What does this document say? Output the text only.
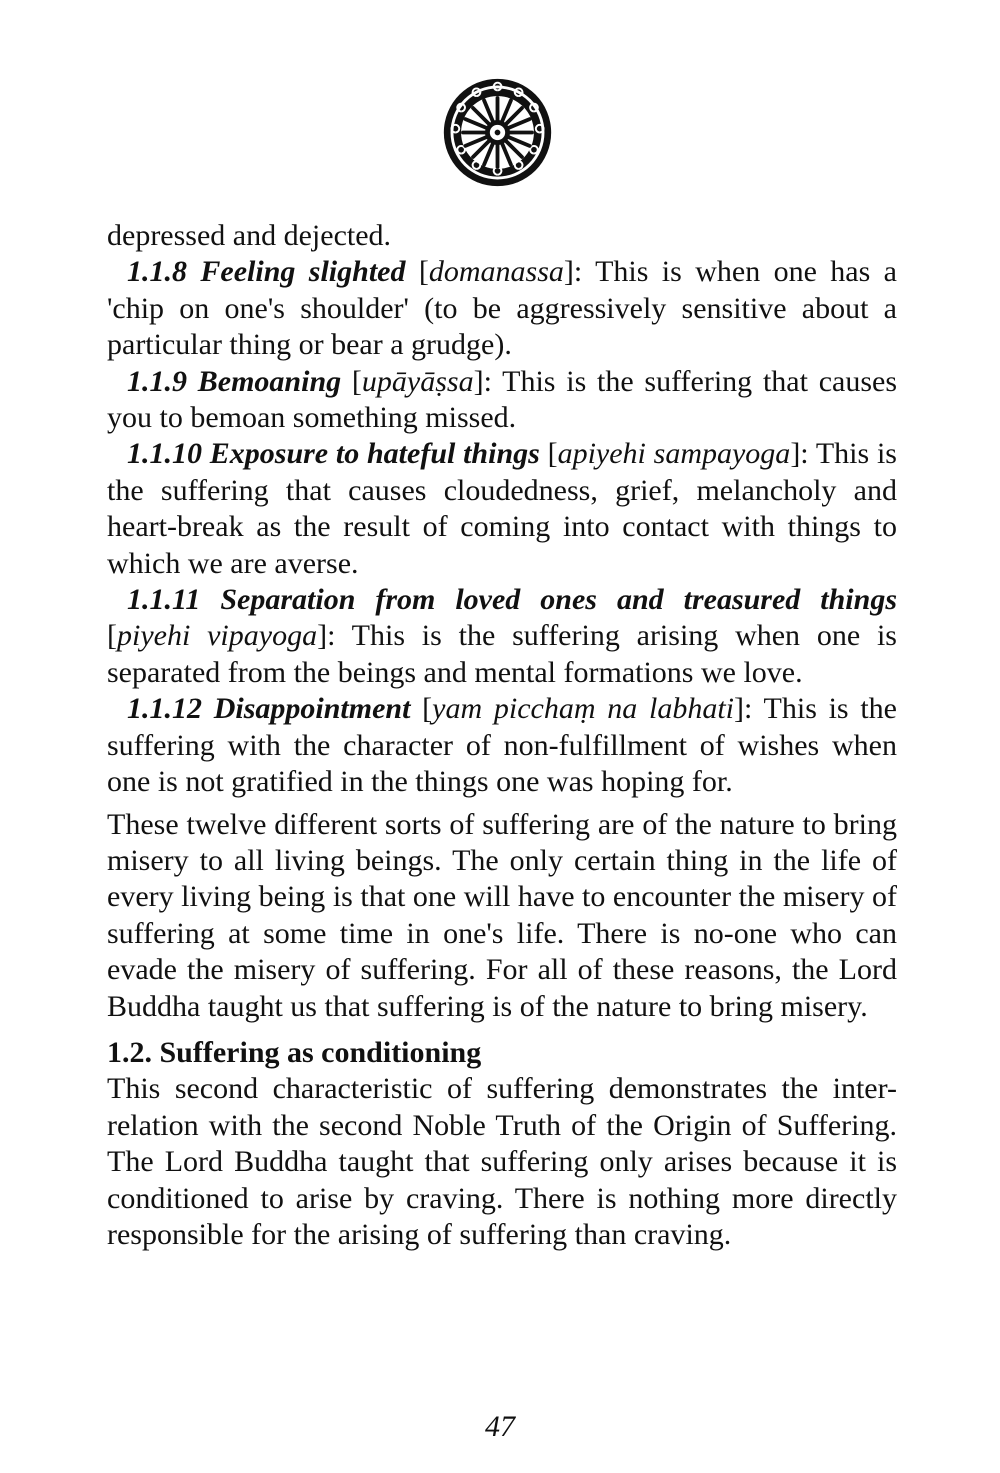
depressed and dejected.

1.1.8 Feeling slighted [domanassa]: This is when one has a 'chip on one's shoulder' (to be aggressively sensitive about a particular thing or bear a grudge).

1.1.9 Bemoaning [upāyāṣsa]: This is the suffering that causes you to bemoan something missed.

1.1.10 Exposure to hateful things [apiyehi sampayoga]: This is the suffering that causes cloudedness, grief, melancholy and heart-break as the result of coming into contact with things to which we are averse.

1.1.11 Separation from loved ones and treasured things [piyehi vipayoga]: This is the suffering arising when one is separated from the beings and mental formations we love.

1.1.12 Disappointment [yam picchaṃ na labhati]: This is the suffering with the character of non-fulfillment of wishes when one is not gratified in the things one was hoping for.

These twelve different sorts of suffering are of the nature to bring misery to all living beings. The only certain thing in the life of every living being is that one will have to encounter the misery of suffering at some time in one's life. There is no-one who can evade the misery of suffering. For all of these reasons, the Lord Buddha taught us that suffering is of the nature to bring misery.

1.2. Suffering as conditioning

This second characteristic of suffering demonstrates the inter-relation with the second Noble Truth of the Origin of Suffering. The Lord Buddha taught that suffering only arises because it is conditioned to arise by craving. There is nothing more directly responsible for the arising of suffering than craving.

47
